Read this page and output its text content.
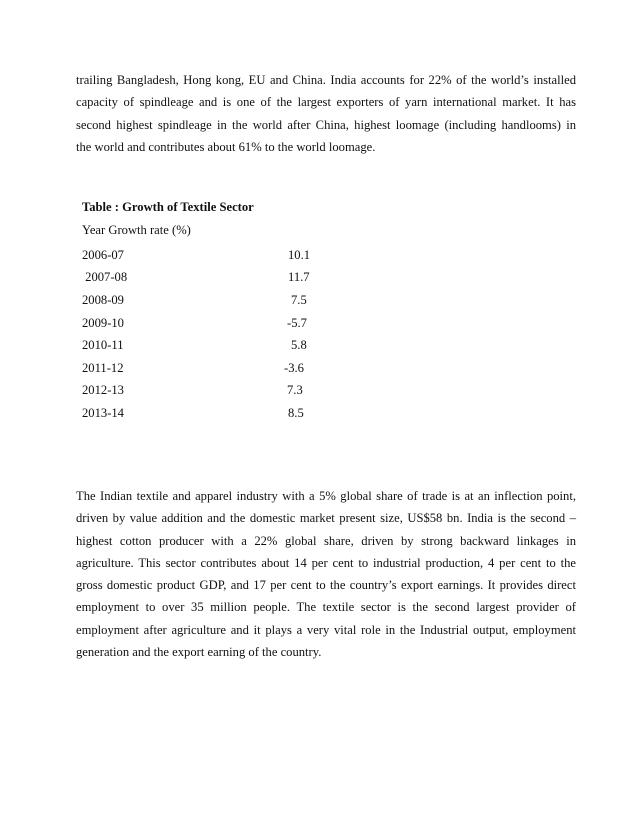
trailing Bangladesh, Hong kong, EU and China. India accounts for 22% of the world’s installed
capacity of spindleage and is one of the largest exporters of yarn international market. It has
second highest spindleage in the world after China, highest loomage (including handlooms) in
the world and contributes about 61% to the world loomage.
Table : Growth of Textile Sector
Year Growth rate (%)
2006-07	10.1
2007-08	11.7
2008-09	7.5
2009-10	-5.7
2010-11	5.8
2011-12	-3.6
2012-13	7.3
2013-14	8.5
The Indian textile and apparel industry with a 5% global share of trade is at an inflection point,
driven by value addition and the domestic market present size, US$58 bn. India is the second –
highest cotton producer with a 22% global share, driven by strong backward linkages in
agriculture. This sector contributes about 14 per cent to industrial production, 4 per cent to the
gross domestic product GDP, and 17 per cent to the country’s export earnings. It provides direct
employment to over 35 million people. The textile sector is the second largest provider of
employment after agriculture and it plays a very vital role in the Industrial output, employment
generation and the export earning of the country.
